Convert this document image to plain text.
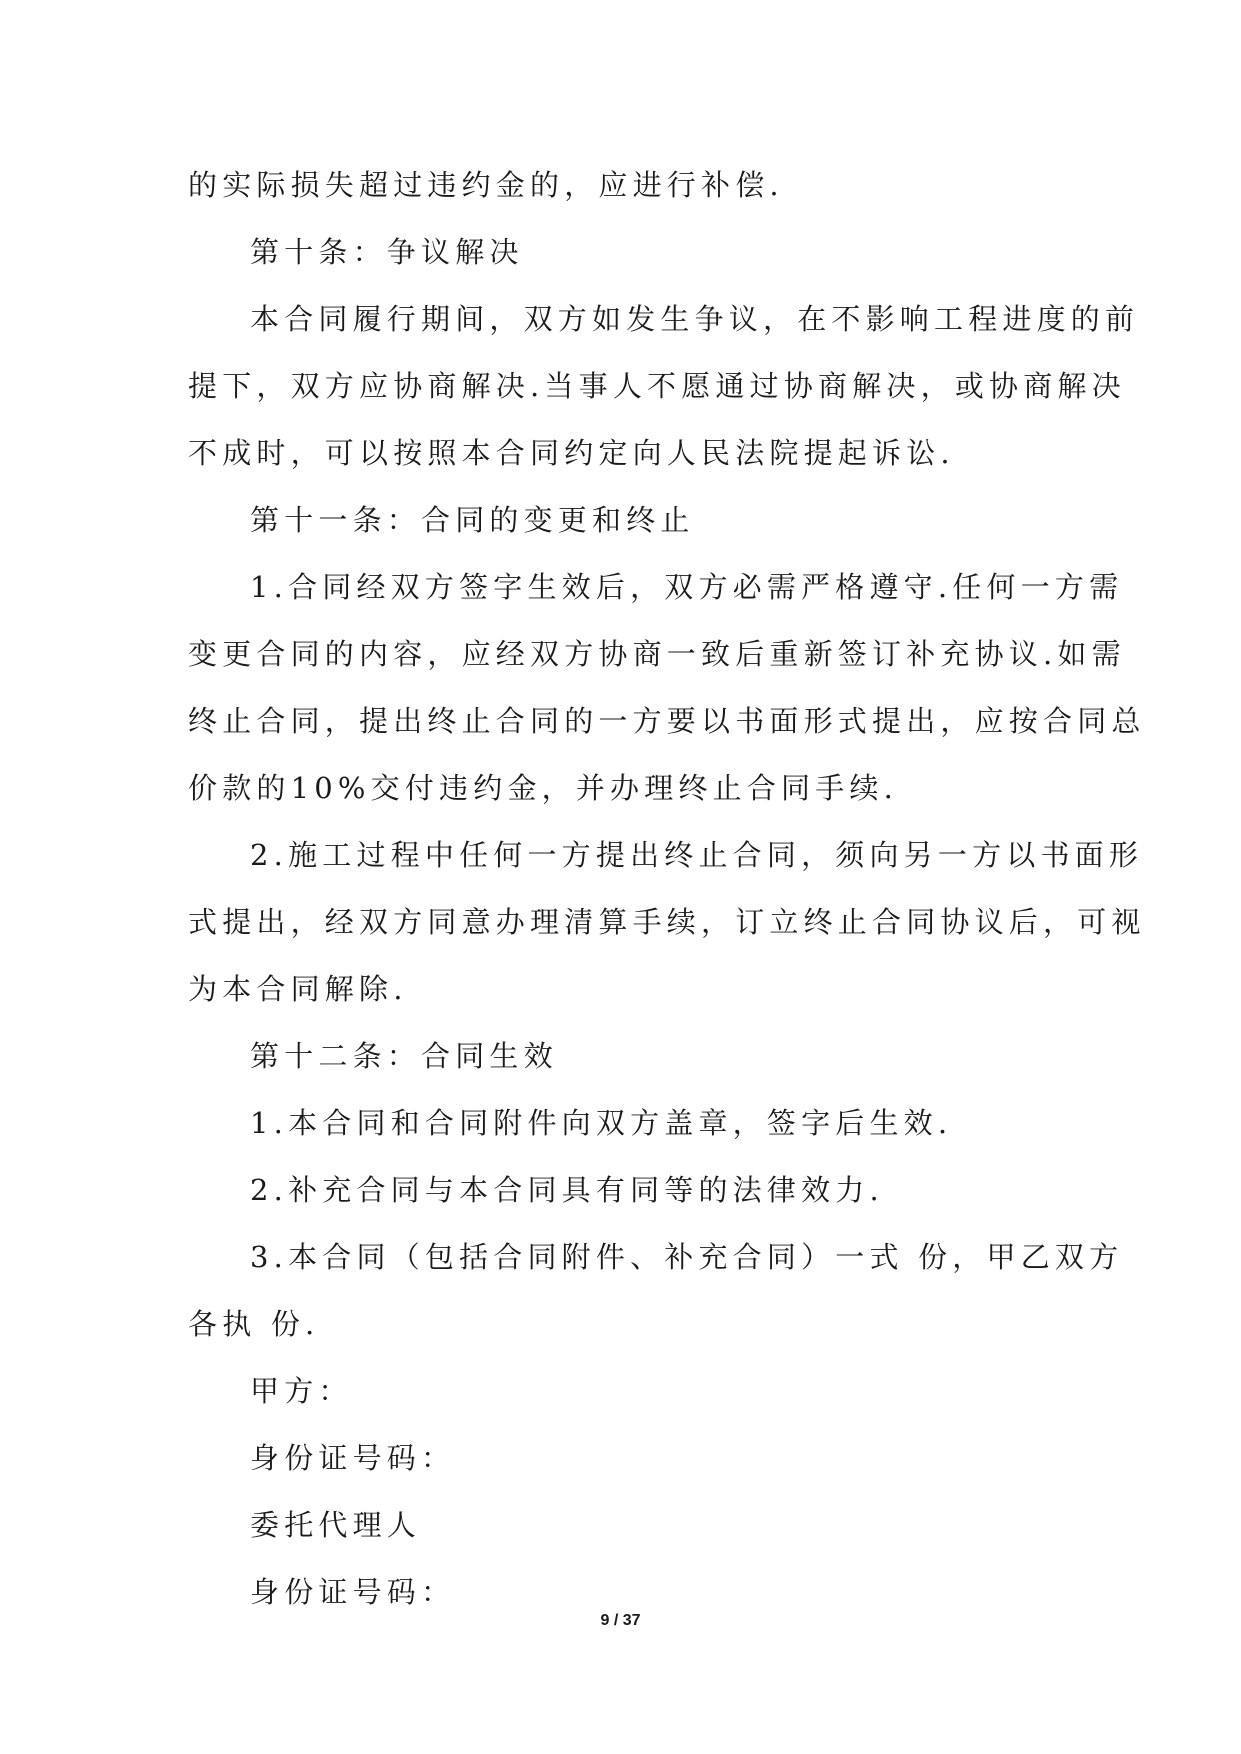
的实际损失超过违约金的，应进行补偿.
第十条：争议解决
本合同履行期间，双方如发生争议，在不影响工程进度的前
提下，双方应协商解决.当事人不愿通过协商解决，或协商解决
不成时，可以按照本合同约定向人民法院提起诉讼.
第十一条：合同的变更和终止
1.合同经双方签字生效后，双方必需严格遵守.任何一方需
变更合同的内容，应经双方协商一致后重新签订补充协议.如需
终止合同，提出终止合同的一方要以书面形式提出，应按合同总
价款的10%交付违约金，并办理终止合同手续.
2.施工过程中任何一方提出终止合同，须向另一方以书面形
式提出，经双方同意办理清算手续，订立终止合同协议后，可视
为本合同解除.
第十二条：合同生效
1.本合同和合同附件向双方盖章，签字后生效.
2.补充合同与本合同具有同等的法律效力.
3.本合同（包括合同附件、补充合同）一式 份，甲乙双方
各执 份.
甲方：
身份证号码：
委托代理人
身份证号码：
9 / 37
